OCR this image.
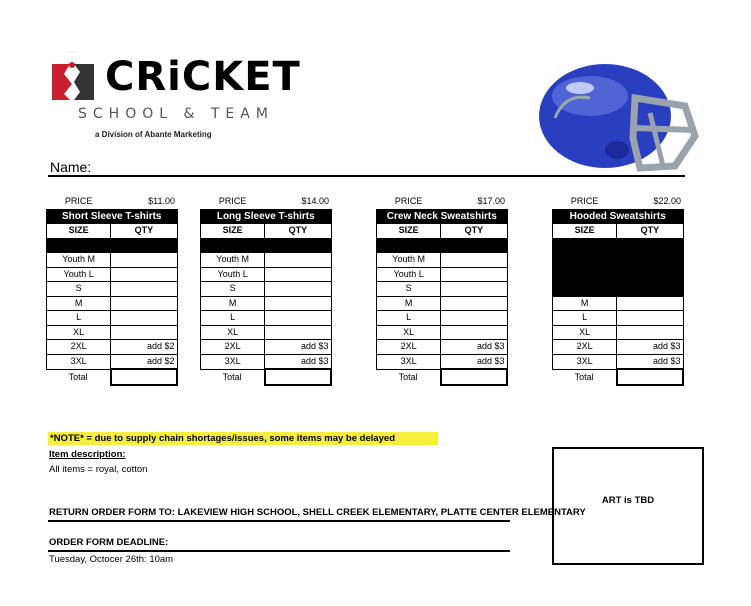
CRiCKET
SCHOOL & TEAM
a Division of Abante Marketing
Name:
PRICE	$11.00
Short Sleeve T-shirts	
SIZE	QTY

Youth M	
Youth L	
S	
M	
L	
XL	
2XL	add $2
3XL	add $2
Total	
PRICE	$14.00
Long Sleeve T-shirts	
SIZE	QTY

Youth M	
Youth L	
S	
M	
L	
XL	
2XL	add $3
3XL	add $3
Total	
PRICE	$17.00
Crew Neck Sweatshirts	
SIZE	QTY

Youth M	
Youth L	
S	
M	
L	
XL	
2XL	add $3
3XL	add $3
Total	
PRICE	$22.00
Hooded Sweatshirts	
SIZE	QTY

M	
L	
XL	
2XL	add $3
3XL	add $3
Total	
*NOTE* = due to supply chain shortages/issues, some items may be delayed
Item description:
All items = royal, cotton
RETURN ORDER FORM TO: LAKEVIEW HIGH SCHOOL, SHELL CREEK ELEMENTARY, PLATTE CENTER ELEMENTARY
ORDER FORM DEADLINE:
Tuesday, Octocer 26th: 10am
ART is TBD
